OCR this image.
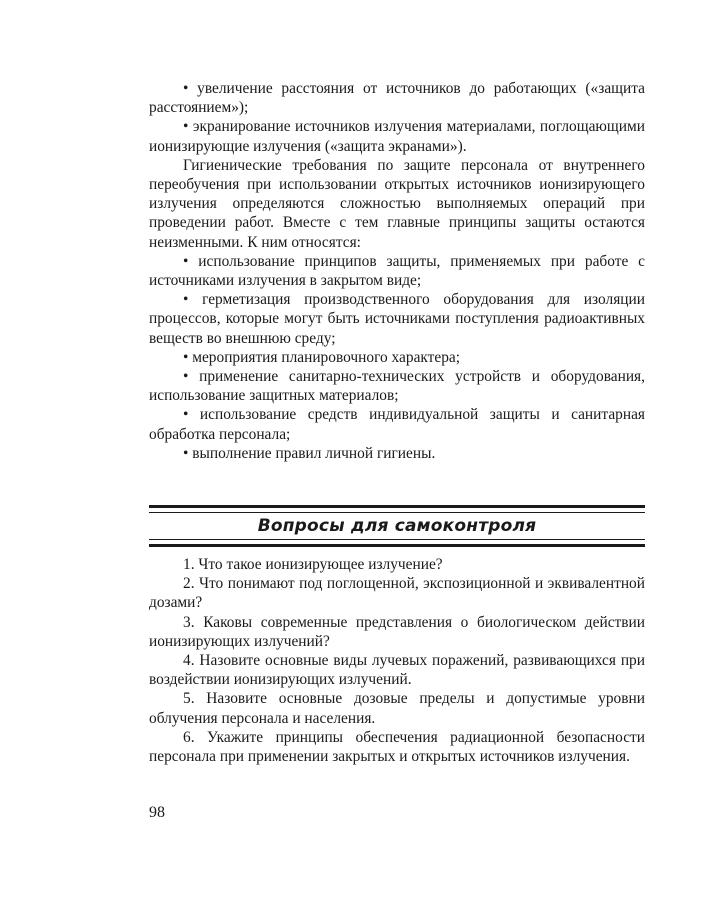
• увеличение расстояния от источников до работающих («защита расстоянием»);

• экранирование источников излучения материалами, поглощающими ионизирующие излучения («защита экранами»).

Гигиенические требования по защите персонала от внутреннего переобучения при использовании открытых источников ионизирующего излучения определяются сложностью выполняемых операций при проведении работ. Вместе с тем главные принципы защиты остаются неизменными. К ним относятся:

• использование принципов защиты, применяемых при работе с источниками излучения в закрытом виде;

• герметизация производственного оборудования для изоляции процессов, которые могут быть источниками поступления радиоактивных веществ во внешнюю среду;

• мероприятия планировочного характера;

• применение санитарно-технических устройств и оборудования, использование защитных материалов;

• использование средств индивидуальной защиты и санитарная обработка персонала;

• выполнение правил личной гигиены.

Вопросы для самоконтроля

1. Что такое ионизирующее излучение?

2. Что понимают под поглощенной, экспозиционной и эквивалентной дозами?

3. Каковы современные представления о биологическом действии ионизирующих излучений?

4. Назовите основные виды лучевых поражений, развивающихся при воздействии ионизирующих излучений.

5. Назовите основные дозовые пределы и допустимые уровни облучения персонала и населения.

6. Укажите принципы обеспечения радиационной безопасности персонала при применении закрытых и открытых источников излучения.

98
